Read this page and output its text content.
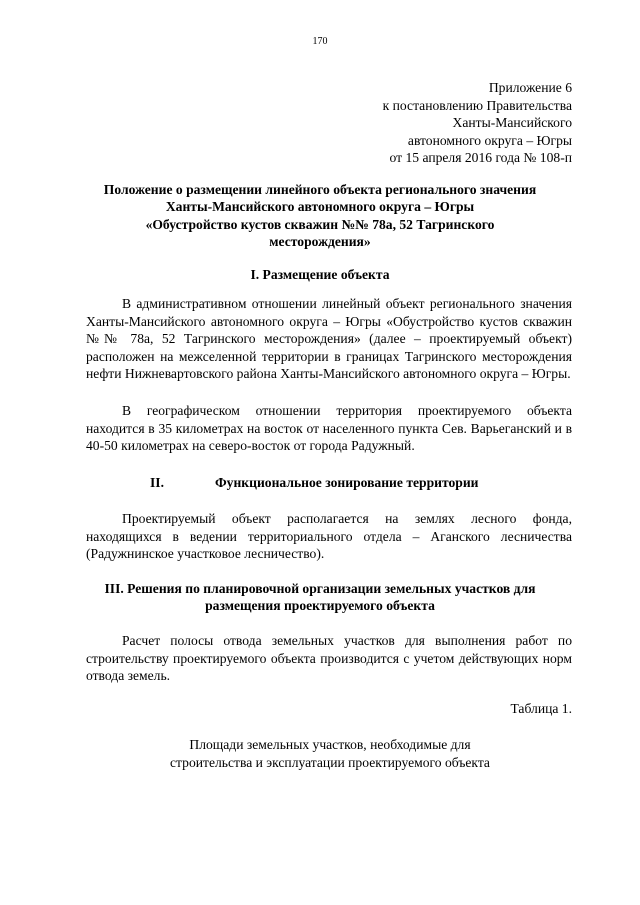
170
Приложение 6
к постановлению Правительства
Ханты-Мансийского
автономного округа – Югры
от 15 апреля 2016 года № 108-п
Положение о размещении линейного объекта регионального значения
Ханты-Мансийского автономного округа – Югры
«Обустройство кустов скважин №№ 78а, 52 Тагринского
месторождения»
I. Размещение объекта
В административном отношении линейный объект регионального значения Ханты-Мансийского автономного округа – Югры «Обустройство кустов скважин №№ 78а, 52 Тагринского месторождения» (далее – проектируемый объект) расположен на межселенной территории в границах Тагринского месторождения нефти Нижневартовского района Ханты-Мансийского автономного округа – Югры.
В географическом отношении территория проектируемого объекта находится в 35 километрах на восток от населенного пункта Сев. Варьеганский и в 40-50 километрах на северо-восток от города Радужный.
II.	Функциональное зонирование территории
Проектируемый объект располагается на землях лесного фонда, находящихся в ведении территориального отдела – Аганского лесничества (Радужнинское участковое лесничество).
III. Решения по планировочной организации земельных участков для
размещения проектируемого объекта
Расчет полосы отвода земельных участков для выполнения работ по строительству проектируемого объекта производится с учетом действующих норм отвода земель.
Таблица 1.
Площади земельных участков, необходимые для
строительства и эксплуатации проектируемого объекта
